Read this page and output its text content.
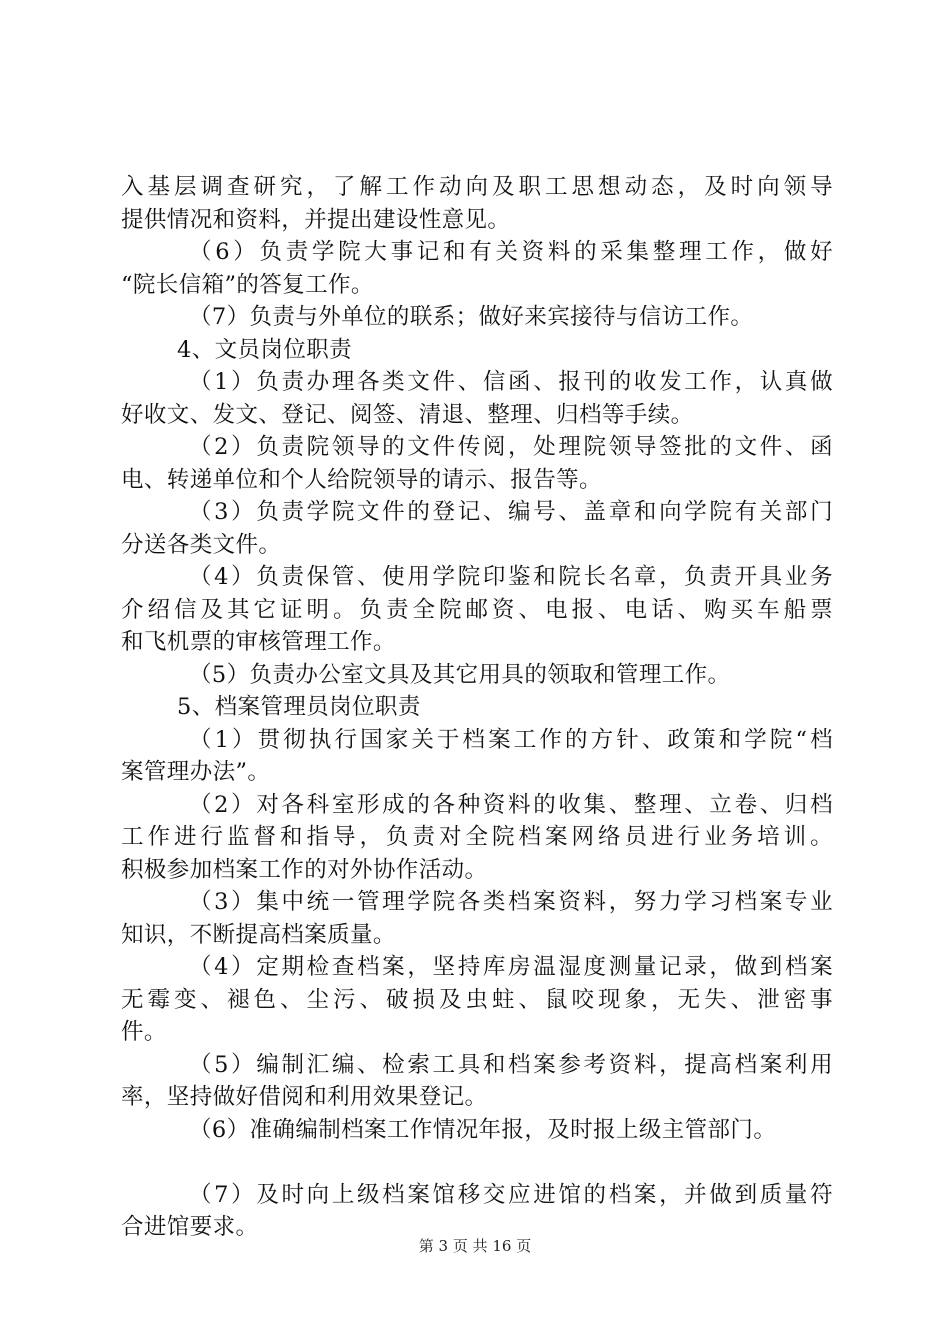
入基层调查研究，了解工作动向及职工思想动态，及时向领导
提供情况和资料，并提出建设性意见。
（6）负责学院大事记和有关资料的采集整理工作，做好
“院长信箱”的答复工作。
（7）负责与外单位的联系；做好来宾接待与信访工作。
4、文员岗位职责
（1）负责办理各类文件、信函、报刊的收发工作，认真做
好收文、发文、登记、阅签、清退、整理、归档等手续。
（2）负责院领导的文件传阅，处理院领导签批的文件、函
电、转递单位和个人给院领导的请示、报告等。
（3）负责学院文件的登记、编号、盖章和向学院有关部门
分送各类文件。
（4）负责保管、使用学院印鉴和院长名章，负责开具业务
介绍信及其它证明。负责全院邮资、电报、电话、购买车船票
和飞机票的审核管理工作。
（5）负责办公室文具及其它用具的领取和管理工作。
5、档案管理员岗位职责
（1）贯彻执行国家关于档案工作的方针、政策和学院“档
案管理办法”。
（2）对各科室形成的各种资料的收集、整理、立卷、归档
工作进行监督和指导，负责对全院档案网络员进行业务培训。
积极参加档案工作的对外协作活动。
（3）集中统一管理学院各类档案资料，努力学习档案专业
知识，不断提高档案质量。
（4）定期检查档案，坚持库房温湿度测量记录，做到档案
无霉变、褪色、尘污、破损及虫蛀、鼠咬现象，无失、泄密事
件。
（5）编制汇编、检索工具和档案参考资料，提高档案利用
率，坚持做好借阅和利用效果登记。
（6）准确编制档案工作情况年报，及时报上级主管部门。
（7）及时向上级档案馆移交应进馆的档案，并做到质量符
合进馆要求。
第 3 页 共 16 页
